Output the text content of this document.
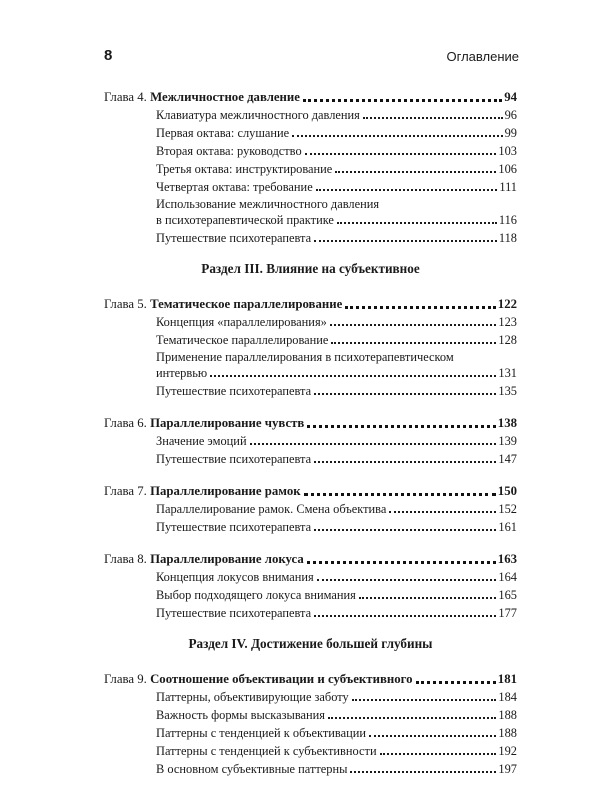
8	Оглавление
Глава 4. Межличностное давление	94
Клавиатура межличностного давления	96
Первая октава: слушание	99
Вторая октава: руководство	103
Третья октава: инструктирование	106
Четвертая октава: требование	111
Использование межличностного давления
в психотерапевтической практике	116
Путешествие психотерапевта	118
Раздел III. Влияние на субъективное
Глава 5. Тематическое параллелирование	122
Концепция «параллелирования»	123
Тематическое параллелирование	128
Применение параллелирования в психотерапевтическом
интервью	131
Путешествие психотерапевта	135
Глава 6. Параллелирование чувств	138
Значение эмоций	139
Путешествие психотерапевта	147
Глава 7. Параллелирование рамок	150
Параллелирование рамок. Смена объектива	152
Путешествие психотерапевта	161
Глава 8. Параллелирование локуса	163
Концепция локусов внимания	164
Выбор подходящего локуса внимания	165
Путешествие психотерапевта	177
Раздел IV. Достижение большей глубины
Глава 9. Соотношение объективации и субъективного	181
Паттерны, объективирующие заботу	184
Важность формы высказывания	188
Паттерны с тенденцией к объективации	188
Паттерны с тенденцией к субъективности	192
В основном субъективные паттерны	197
